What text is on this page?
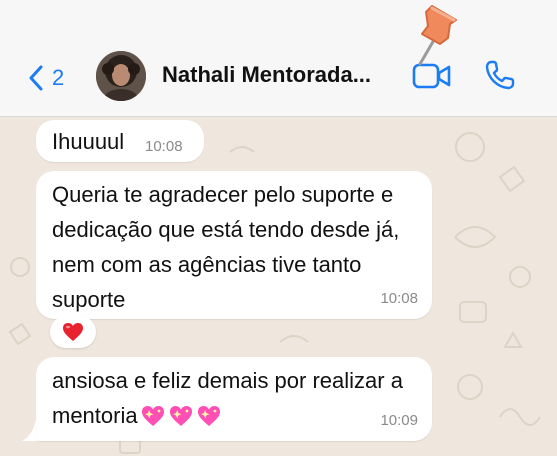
2	Nathali Mentorada...
Ihuuuul 10:08
Queria te agradecer pelo suporte e dedicação que está tendo desde já, nem com as agências tive tanto suporte	10:08
ansiosa e feliz demais por realizar a mentoria	10:09
